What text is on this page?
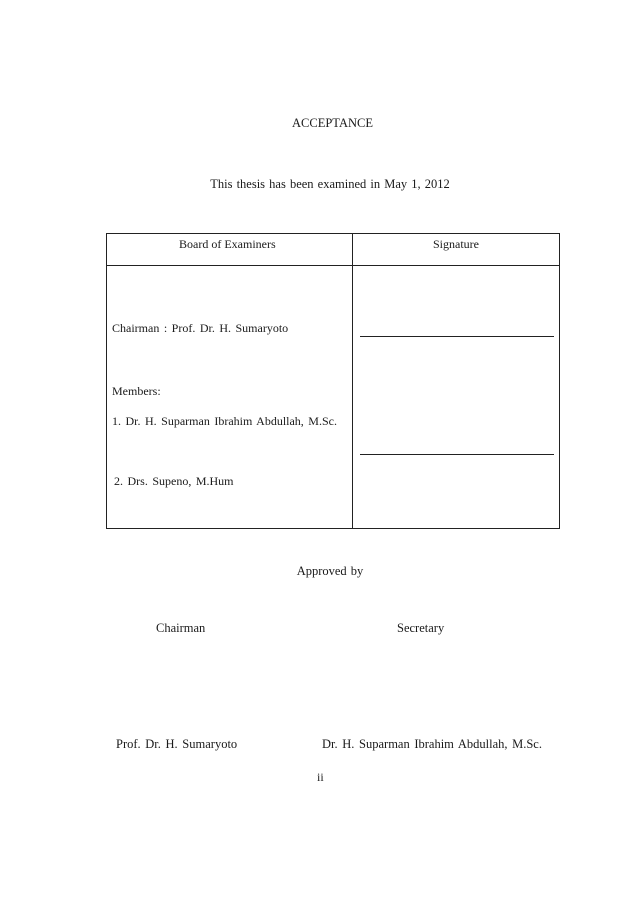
ACCEPTANCE
This thesis has been examined in May 1, 2012
Board of Examiners	Signature
Chairman : Prof. Dr. H. Sumaryoto
Members:
1. Dr. H. Suparman Ibrahim Abdullah, M.Sc.
2. Drs. Supeno, M.Hum
Approved by
Chairman	Secretary
Prof. Dr. H. Sumaryoto	Dr. H. Suparman Ibrahim Abdullah, M.Sc.
ii
